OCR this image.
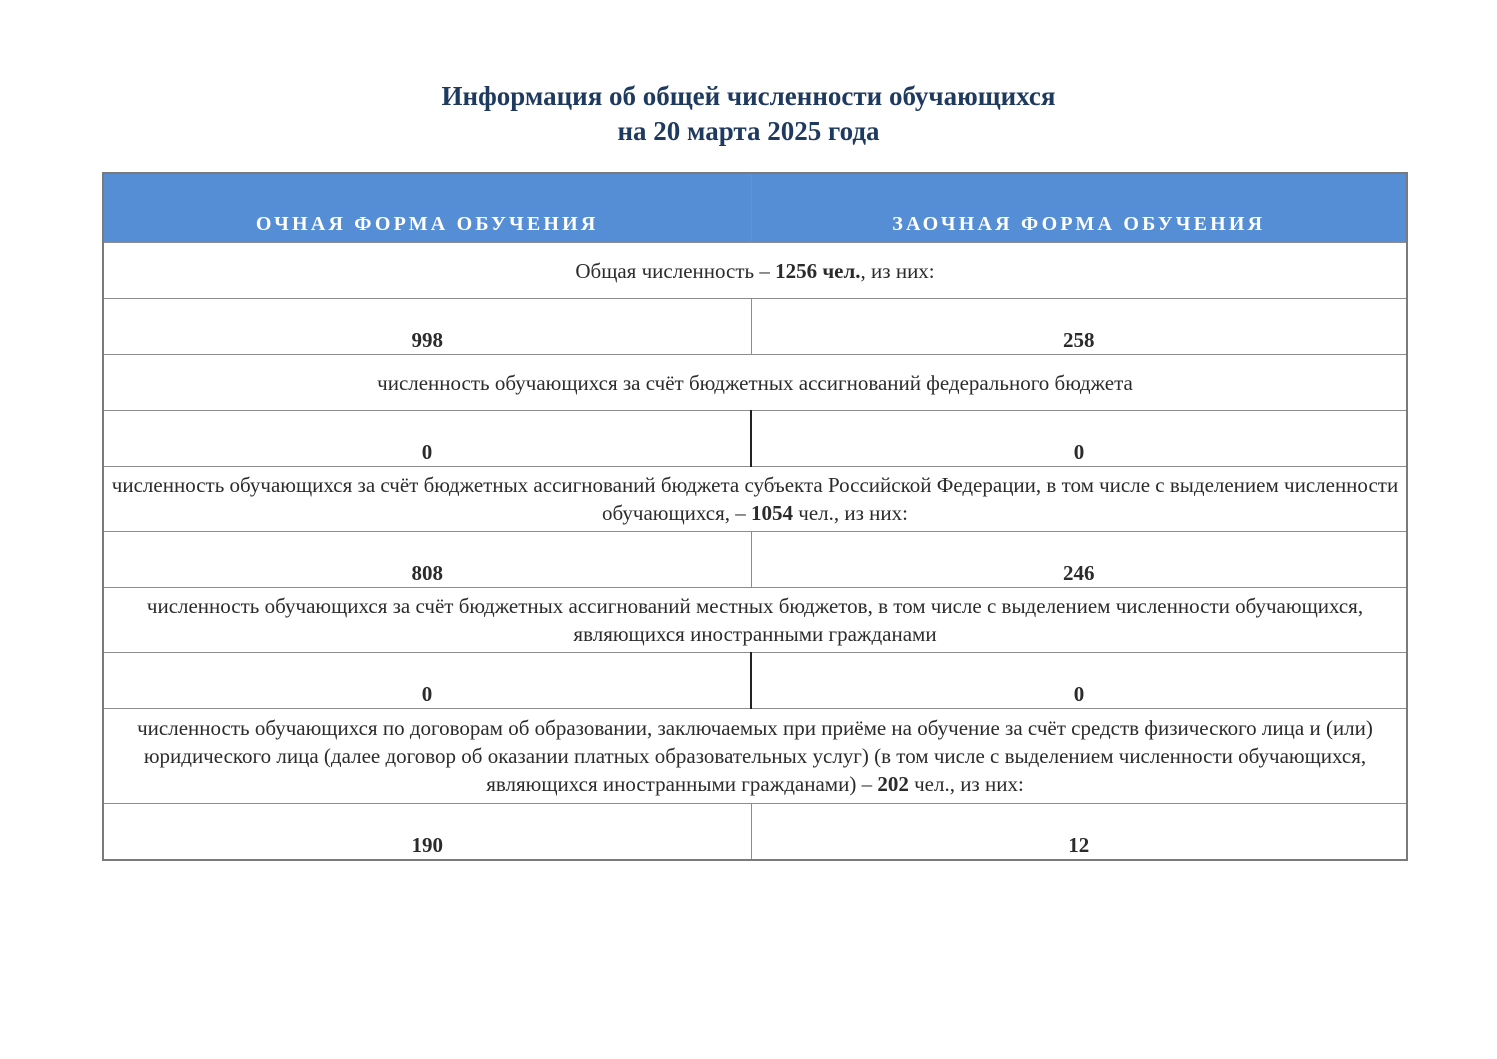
Информация об общей численности обучающихся
на 20 марта 2025 года
ОЧНАЯ ФОРМА ОБУЧЕНИЯ	ЗАОЧНАЯ ФОРМА ОБУЧЕНИЯ
Общая численность – 1256 чел., из них:	
998	258
численность обучающихся за счёт бюджетных ассигнований федерального бюджета	
0	0
численность обучающихся за счёт бюджетных ассигнований бюджета субъекта Российской Федерации, в том числе с выделением численности обучающихся, – 1054 чел., из них:	
808	246
численность обучающихся за счёт бюджетных ассигнований местных бюджетов, в том числе с выделением численности обучающихся, являющихся иностранными гражданами	
0	0
численность обучающихся по договорам об образовании, заключаемых при приёме на обучение за счёт средств физического лица и (или) юридического лица (далее договор об оказании платных образовательных услуг) (в том числе с выделением численности обучающихся, являющихся иностранными гражданами) – 202 чел., из них:	
190	12
